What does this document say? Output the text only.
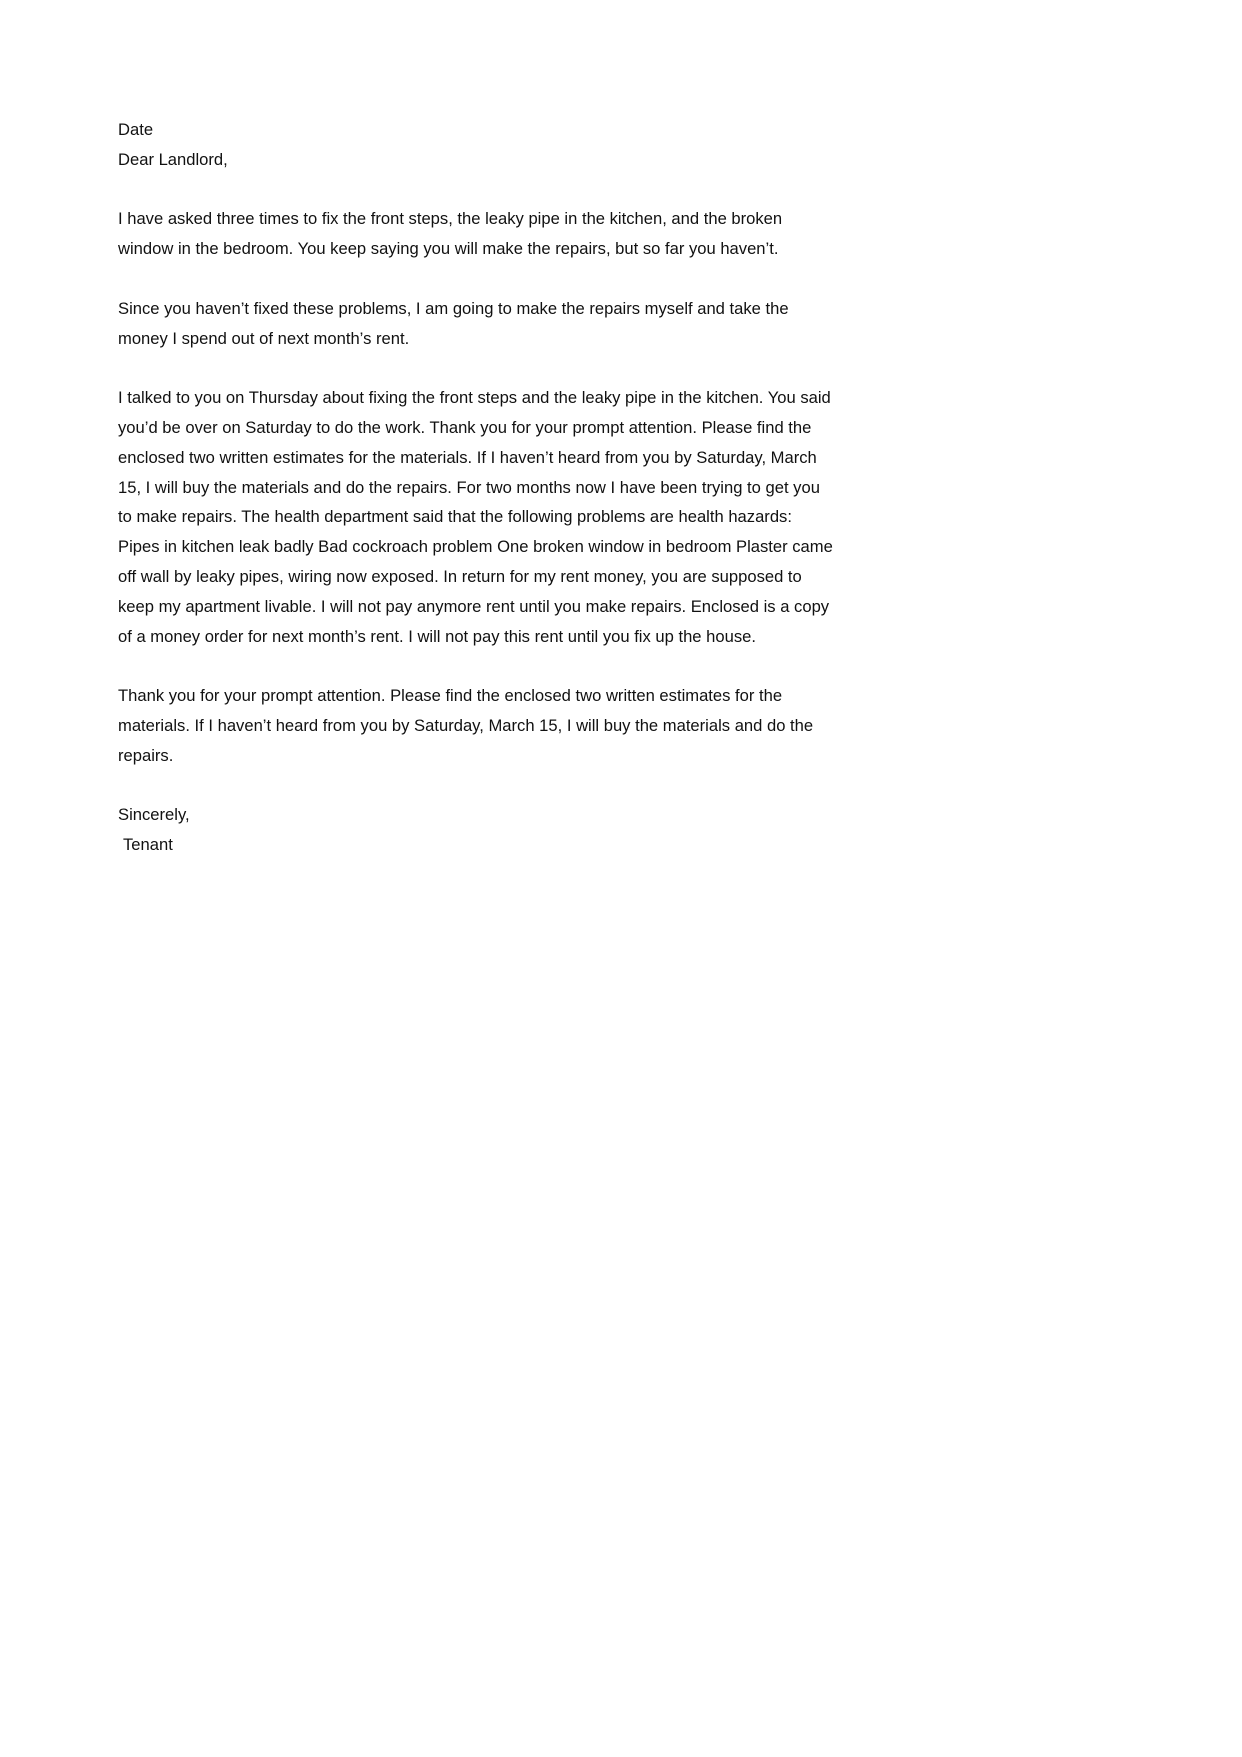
Date

Dear Landlord,

I have asked three times to fix the front steps, the leaky pipe in the kitchen, and the broken window in the bedroom. You keep saying you will make the repairs, but so far you haven’t.

Since you haven’t fixed these problems, I am going to make the repairs myself and take the money I spend out of next month’s rent.

I talked to you on Thursday about fixing the front steps and the leaky pipe in the kitchen. You said you’d be over on Saturday to do the work. Thank you for your prompt attention. Please find the enclosed two written estimates for the materials. If I haven’t heard from you by Saturday, March 15, I will buy the materials and do the repairs. For two months now I have been trying to get you to make repairs. The health department said that the following problems are health hazards: Pipes in kitchen leak badly Bad cockroach problem One broken window in bedroom Plaster came off wall by leaky pipes, wiring now exposed. In return for my rent money, you are supposed to keep my apartment livable. I will not pay anymore rent until you make repairs. Enclosed is a copy of a money order for next month’s rent. I will not pay this rent until you fix up the house.

Thank you for your prompt attention. Please find the enclosed two written estimates for the materials. If I haven’t heard from you by Saturday, March 15, I will buy the materials and do the repairs.

Sincerely,

Tenant
